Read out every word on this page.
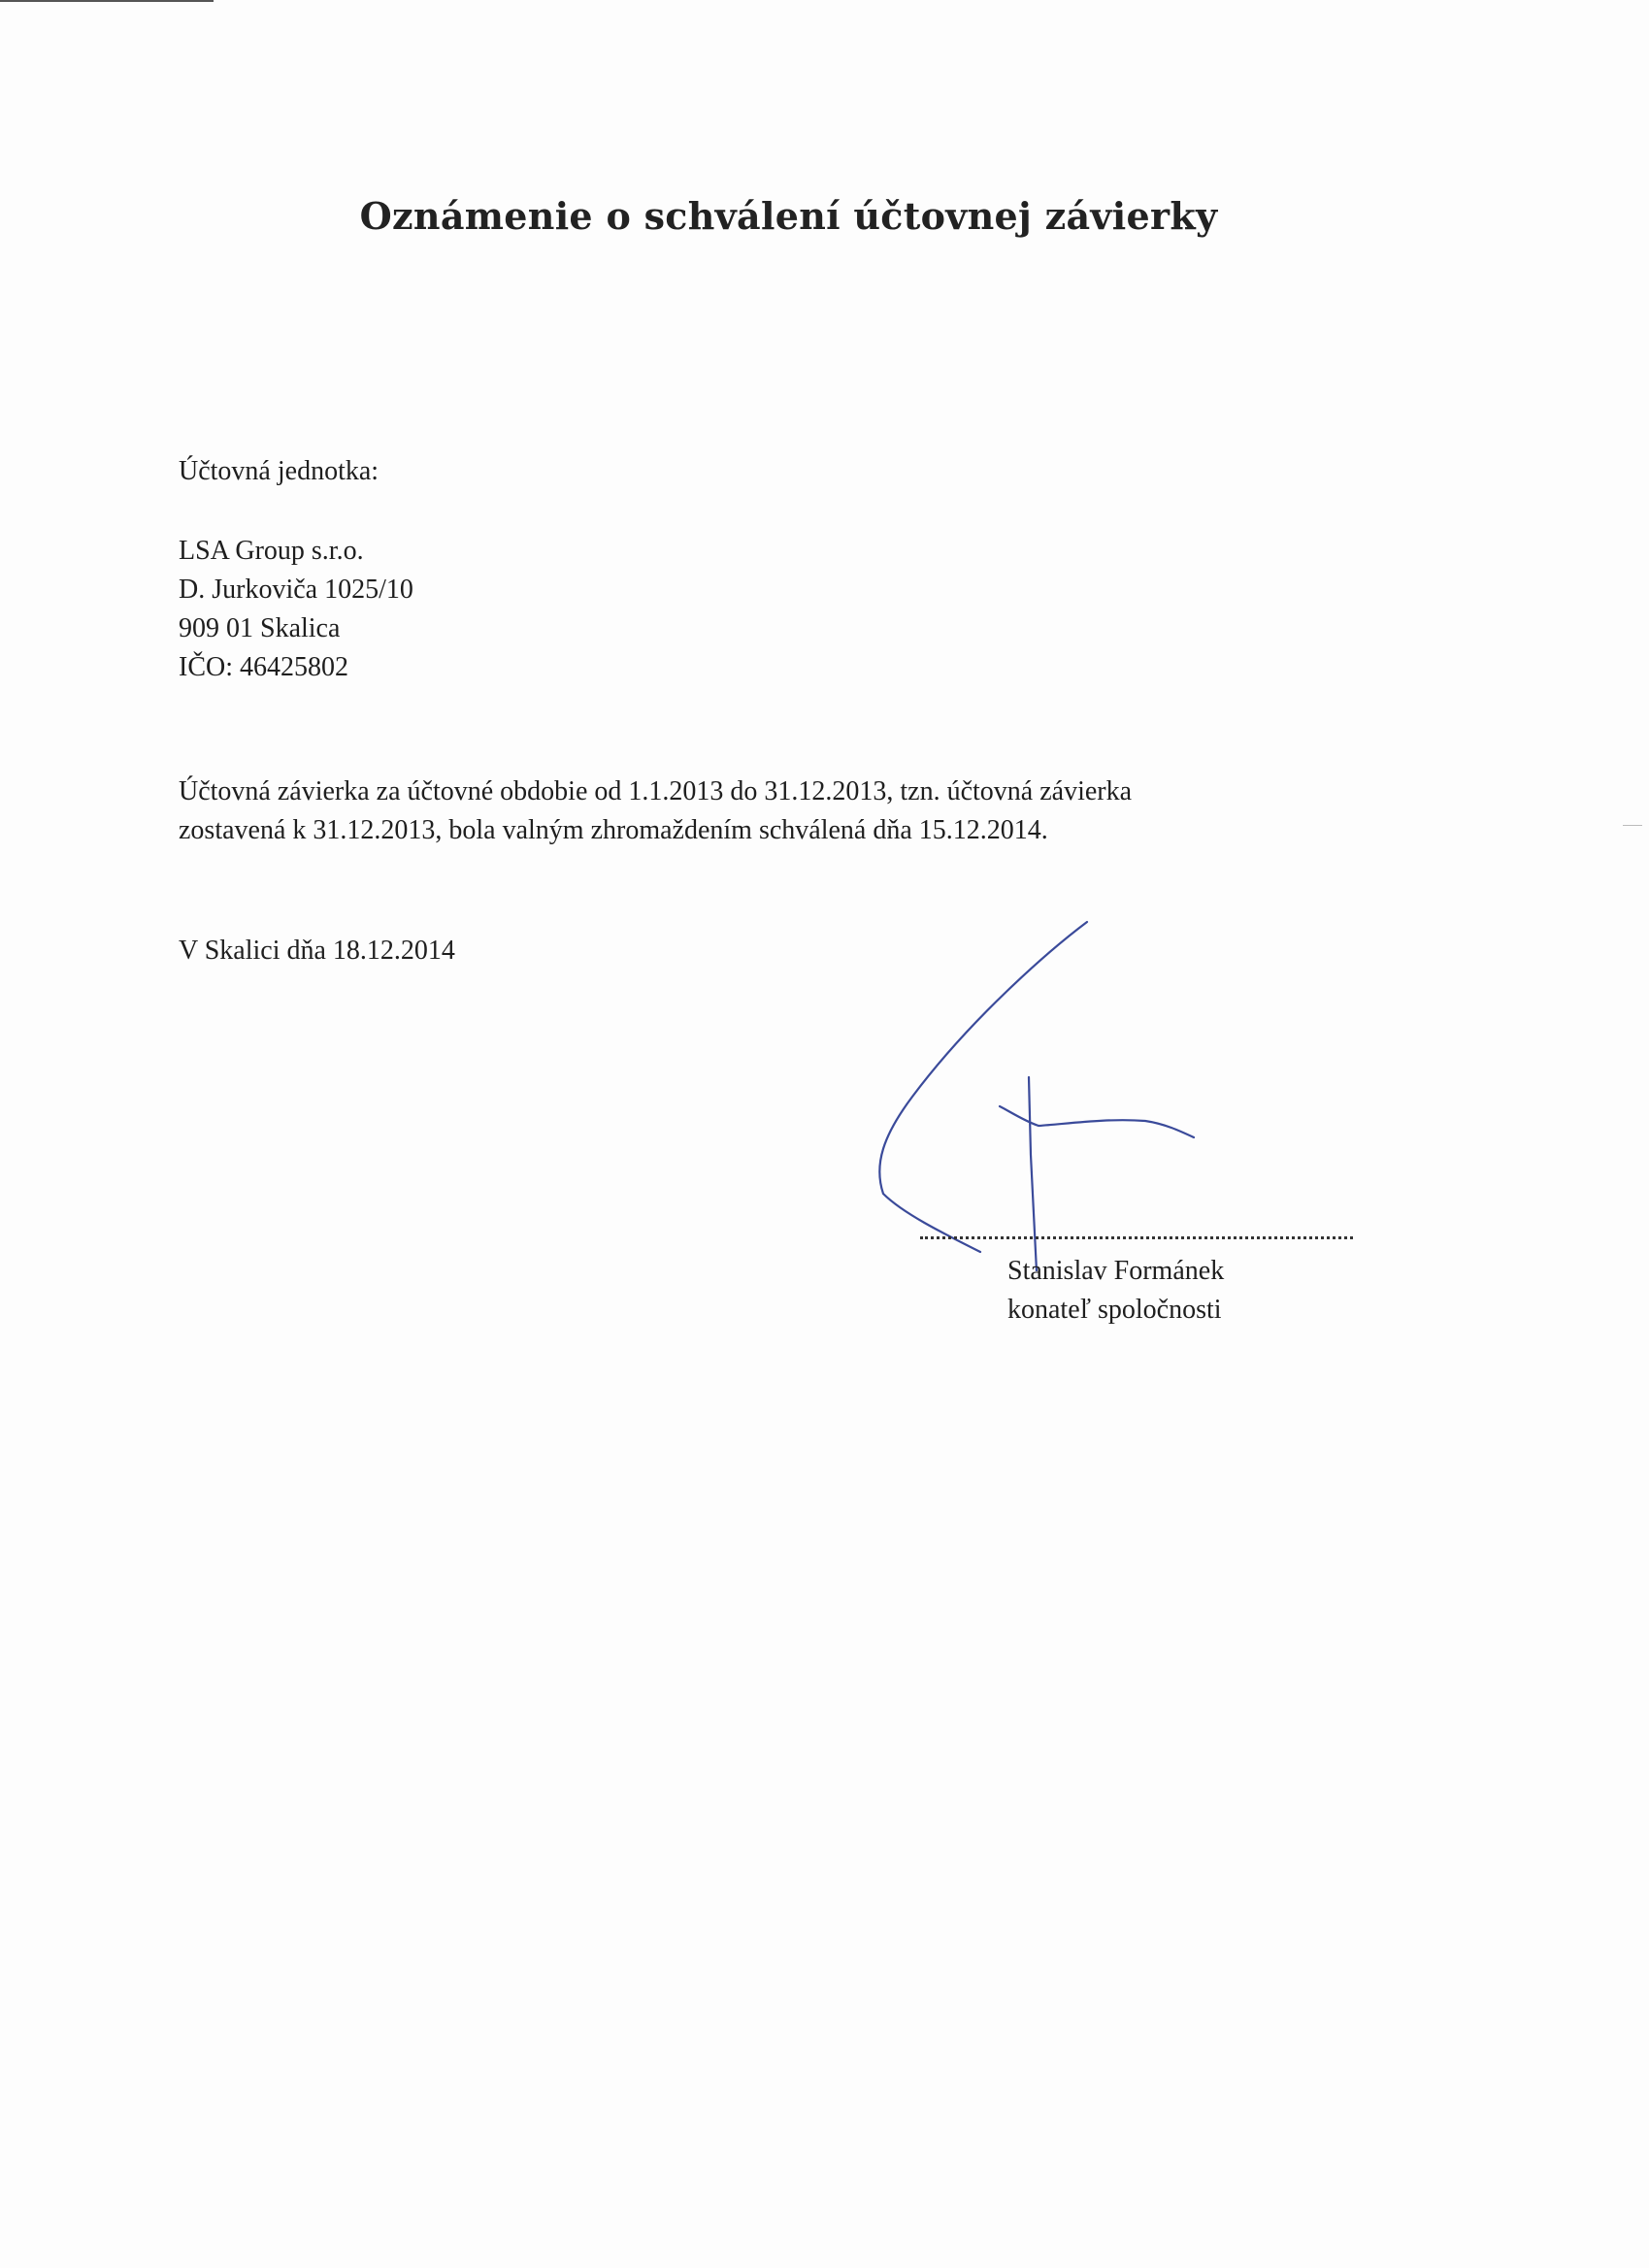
Oznámenie o schválení účtovnej závierky
Účtovná jednotka:
LSA Group s.r.o.
D. Jurkoviča 1025/10
909 01 Skalica
IČO: 46425802
Účtovná závierka za účtovné obdobie od 1.1.2013 do 31.12.2013, tzn. účtovná závierka
zostavená k 31.12.2013, bola valným zhromaždením schválená dňa 15.12.2014.
V Skalici dňa 18.12.2014
Stanislav Formánek
konateľ spoločnosti
